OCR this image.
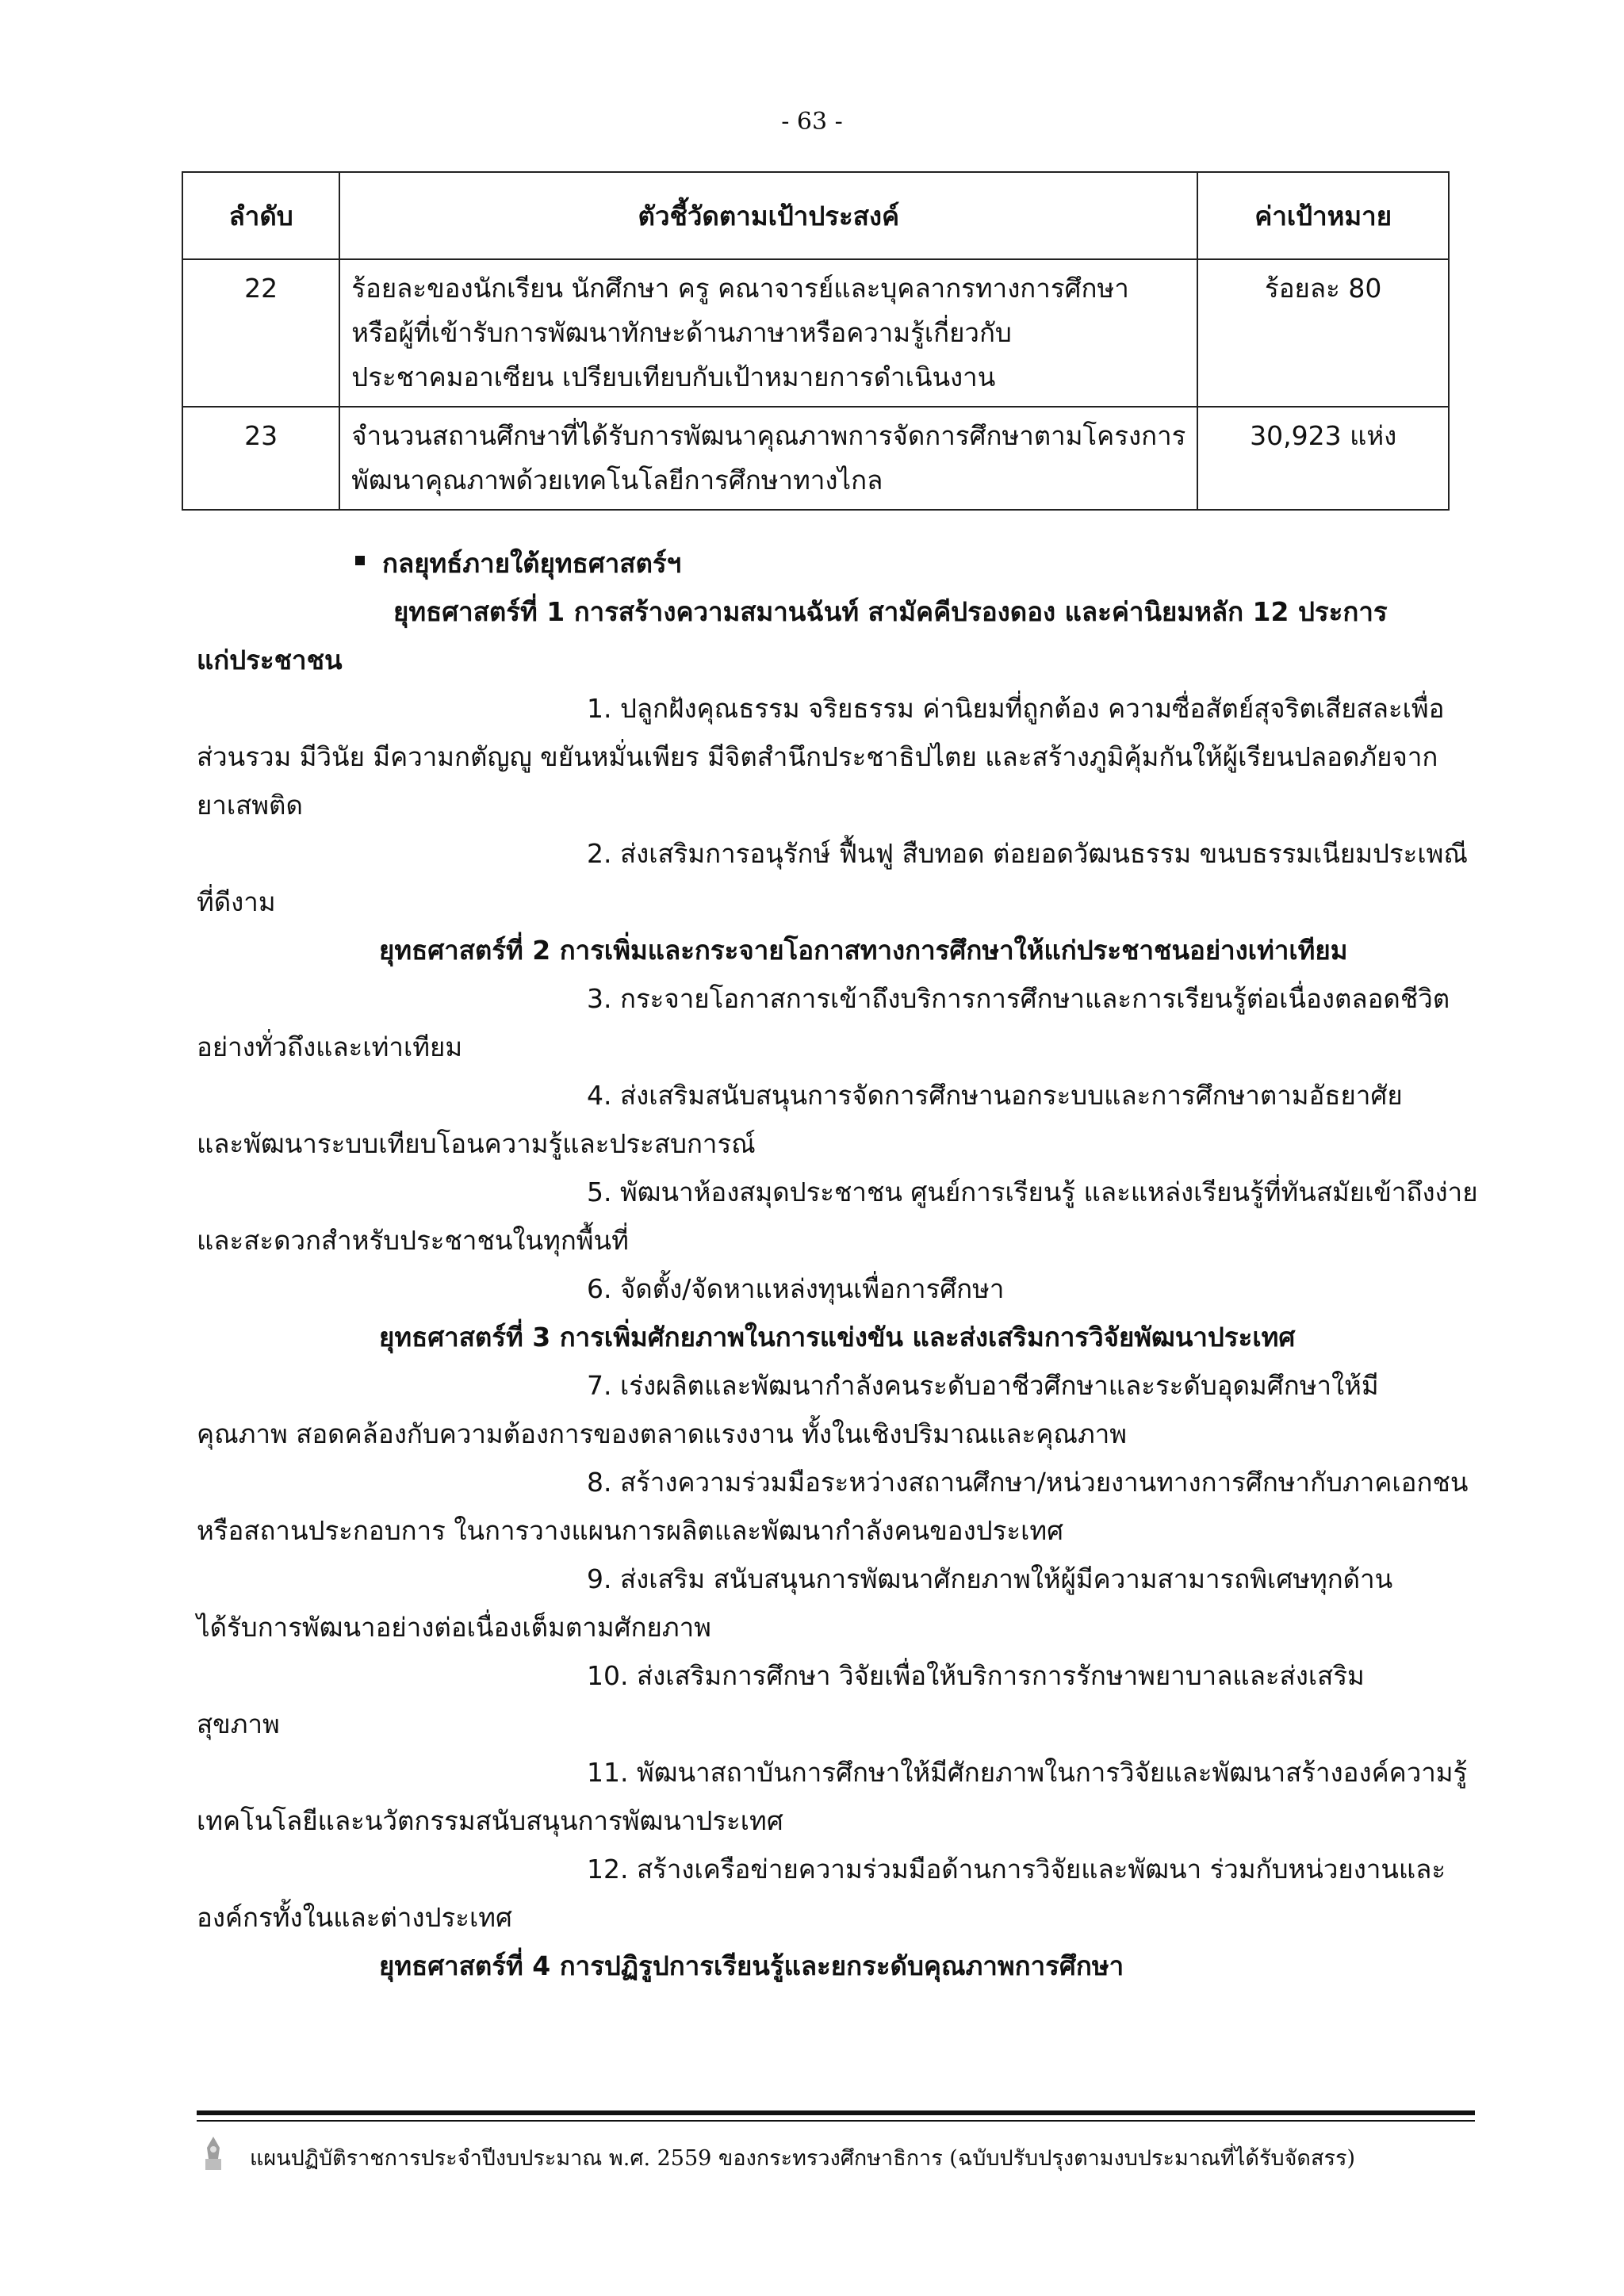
- 63 -
ลำดับ	ตัวชี้วัดตามเป้าประสงค์	ค่าเป้าหมาย
22	ร้อยละของนักเรียน นักศึกษา ครู คณาจารย์และบุคลากรทางการศึกษา
หรือผู้ที่เข้ารับการพัฒนาทักษะด้านภาษาหรือความรู้เกี่ยวกับ
ประชาคมอาเซียน เปรียบเทียบกับเป้าหมายการดำเนินงาน	ร้อยละ 80
23	จำนวนสถานศึกษาที่ได้รับการพัฒนาคุณภาพการจัดการศึกษาตามโครงการ
พัฒนาคุณภาพด้วยเทคโนโลยีการศึกษาทางไกล	30,923 แห่ง
กลยุทธ์ภายใต้ยุทธศาสตร์ฯ
ยุทธศาสตร์ที่ 1 การสร้างความสมานฉันท์ สามัคคีปรองดอง และค่านิยมหลัก 12 ประการ
แก่ประชาชน
1. ปลูกฝังคุณธรรม จริยธรรม ค่านิยมที่ถูกต้อง ความซื่อสัตย์สุจริตเสียสละเพื่อ
ส่วนรวม มีวินัย มีความกตัญญู ขยันหมั่นเพียร มีจิตสำนึกประชาธิปไตย และสร้างภูมิคุ้มกันให้ผู้เรียนปลอดภัยจาก
ยาเสพติด
2. ส่งเสริมการอนุรักษ์ ฟื้นฟู สืบทอด ต่อยอดวัฒนธรรม ขนบธรรมเนียมประเพณี
ที่ดีงาม
ยุทธศาสตร์ที่ 2 การเพิ่มและกระจายโอกาสทางการศึกษาให้แก่ประชาชนอย่างเท่าเทียม
3. กระจายโอกาสการเข้าถึงบริการการศึกษาและการเรียนรู้ต่อเนื่องตลอดชีวิต
อย่างทั่วถึงและเท่าเทียม
4. ส่งเสริมสนับสนุนการจัดการศึกษานอกระบบและการศึกษาตามอัธยาศัย
และพัฒนาระบบเทียบโอนความรู้และประสบการณ์
5. พัฒนาห้องสมุดประชาชน ศูนย์การเรียนรู้ และแหล่งเรียนรู้ที่ทันสมัยเข้าถึงง่าย
และสะดวกสำหรับประชาชนในทุกพื้นที่
6. จัดตั้ง/จัดหาแหล่งทุนเพื่อการศึกษา
ยุทธศาสตร์ที่ 3 การเพิ่มศักยภาพในการแข่งขัน และส่งเสริมการวิจัยพัฒนาประเทศ
7. เร่งผลิตและพัฒนากำลังคนระดับอาชีวศึกษาและระดับอุดมศึกษาให้มี
คุณภาพ สอดคล้องกับความต้องการของตลาดแรงงาน ทั้งในเชิงปริมาณและคุณภาพ
8. สร้างความร่วมมือระหว่างสถานศึกษา/หน่วยงานทางการศึกษากับภาคเอกชน
หรือสถานประกอบการ ในการวางแผนการผลิตและพัฒนากำลังคนของประเทศ
9. ส่งเสริม สนับสนุนการพัฒนาศักยภาพให้ผู้มีความสามารถพิเศษทุกด้าน
ได้รับการพัฒนาอย่างต่อเนื่องเต็มตามศักยภาพ
10. ส่งเสริมการศึกษา วิจัยเพื่อให้บริการการรักษาพยาบาลและส่งเสริม
สุขภาพ
11. พัฒนาสถาบันการศึกษาให้มีศักยภาพในการวิจัยและพัฒนาสร้างองค์ความรู้
เทคโนโลยีและนวัตกรรมสนับสนุนการพัฒนาประเทศ
12. สร้างเครือข่ายความร่วมมือด้านการวิจัยและพัฒนา ร่วมกับหน่วยงานและ
องค์กรทั้งในและต่างประเทศ
ยุทธศาสตร์ที่ 4 การปฏิรูปการเรียนรู้และยกระดับคุณภาพการศึกษา
แผนปฏิบัติราชการประจำปีงบประมาณ พ.ศ. 2559 ของกระทรวงศึกษาธิการ (ฉบับปรับปรุงตามงบประมาณที่ได้รับจัดสรร)
